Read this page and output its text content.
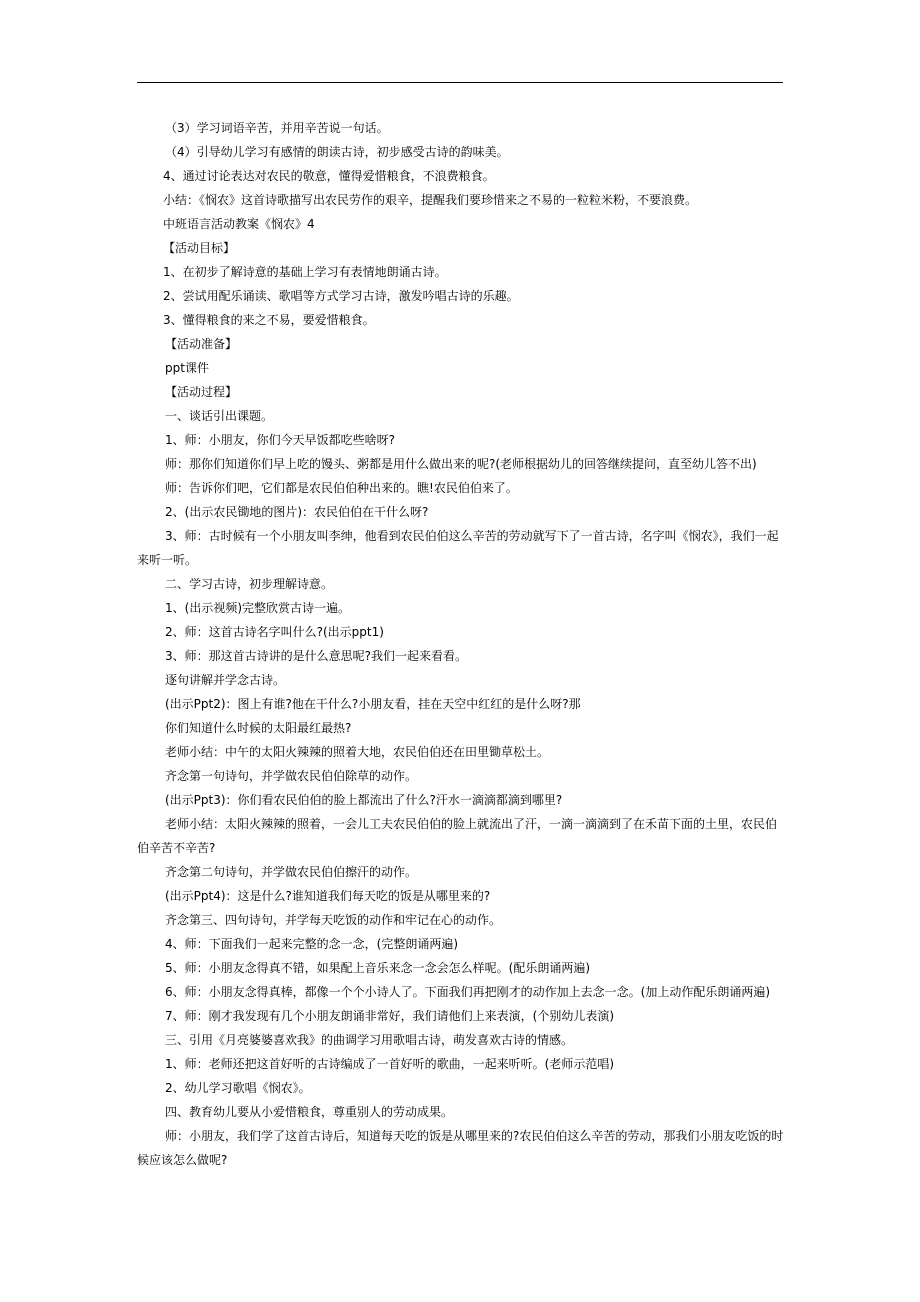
（3）学习词语辛苦，并用辛苦说一句话。

（4）引导幼儿学习有感情的朗读古诗，初步感受古诗的韵味美。

4、通过讨论表达对农民的敬意，懂得爱惜粮食，不浪费粮食。

小结：《悯农》这首诗歌描写出农民劳作的艰辛，提醒我们要珍惜来之不易的一粒粒米粉，不要浪费。

中班语言活动教案《悯农》4

【活动目标】

1、在初步了解诗意的基础上学习有表情地朗诵古诗。

2、尝试用配乐诵读、歌唱等方式学习古诗，激发吟唱古诗的乐趣。

3、懂得粮食的来之不易，要爱惜粮食。

【活动准备】

ppt课件

【活动过程】

一、谈话引出课题。

1、师：小朋友，你们今天早饭都吃些啥呀?

师：那你们知道你们早上吃的馒头、粥都是用什么做出来的呢?(老师根据幼儿的回答继续提问，直至幼儿答不出)

师：告诉你们吧，它们都是农民伯伯种出来的。瞧!农民伯伯来了。

2、(出示农民锄地的图片)：农民伯伯在干什么呀?

3、师：古时候有一个小朋友叫李绅，他看到农民伯伯这么辛苦的劳动就写下了一首古诗，名字叫《悯农》，我们一起来听一听。

二、学习古诗，初步理解诗意。

1、(出示视频)完整欣赏古诗一遍。

2、师：这首古诗名字叫什么?(出示ppt1)

3、师：那这首古诗讲的是什么意思呢?我们一起来看看。

逐句讲解并学念古诗。

(出示Ppt2)：图上有谁?他在干什么?小朋友看，挂在天空中红红的是什么呀?那

你们知道什么时候的太阳最红最热?

老师小结：中午的太阳火辣辣的照着大地，农民伯伯还在田里锄草松土。

齐念第一句诗句，并学做农民伯伯除草的动作。

(出示Ppt3)：你们看农民伯伯的脸上都流出了什么?汗水一滴滴都滴到哪里?

老师小结：太阳火辣辣的照着，一会儿工夫农民伯伯的脸上就流出了汗，一滴一滴滴到了在禾苗下面的土里，农民伯伯辛苦不辛苦?

齐念第二句诗句，并学做农民伯伯擦汗的动作。

(出示Ppt4)：这是什么?谁知道我们每天吃的饭是从哪里来的?

齐念第三、四句诗句，并学每天吃饭的动作和牢记在心的动作。

4、师：下面我们一起来完整的念一念，(完整朗诵两遍)

5、师：小朋友念得真不错，如果配上音乐来念一念会怎么样呢。(配乐朗诵两遍)

6、师：小朋友念得真棒，都像一个个小诗人了。下面我们再把刚才的动作加上去念一念。(加上动作配乐朗诵两遍)

7、师：刚才我发现有几个小朋友朗诵非常好，我们请他们上来表演，(个别幼儿表演)

三、引用《月亮婆婆喜欢我》的曲调学习用歌唱古诗，萌发喜欢古诗的情感。

1、师：老师还把这首好听的古诗编成了一首好听的歌曲，一起来听听。(老师示范唱)

2、幼儿学习歌唱《悯农》。

四、教育幼儿要从小爱惜粮食，尊重别人的劳动成果。

师：小朋友，我们学了这首古诗后，知道每天吃的饭是从哪里来的?农民伯伯这么辛苦的劳动，那我们小朋友吃饭的时候应该怎么做呢?
